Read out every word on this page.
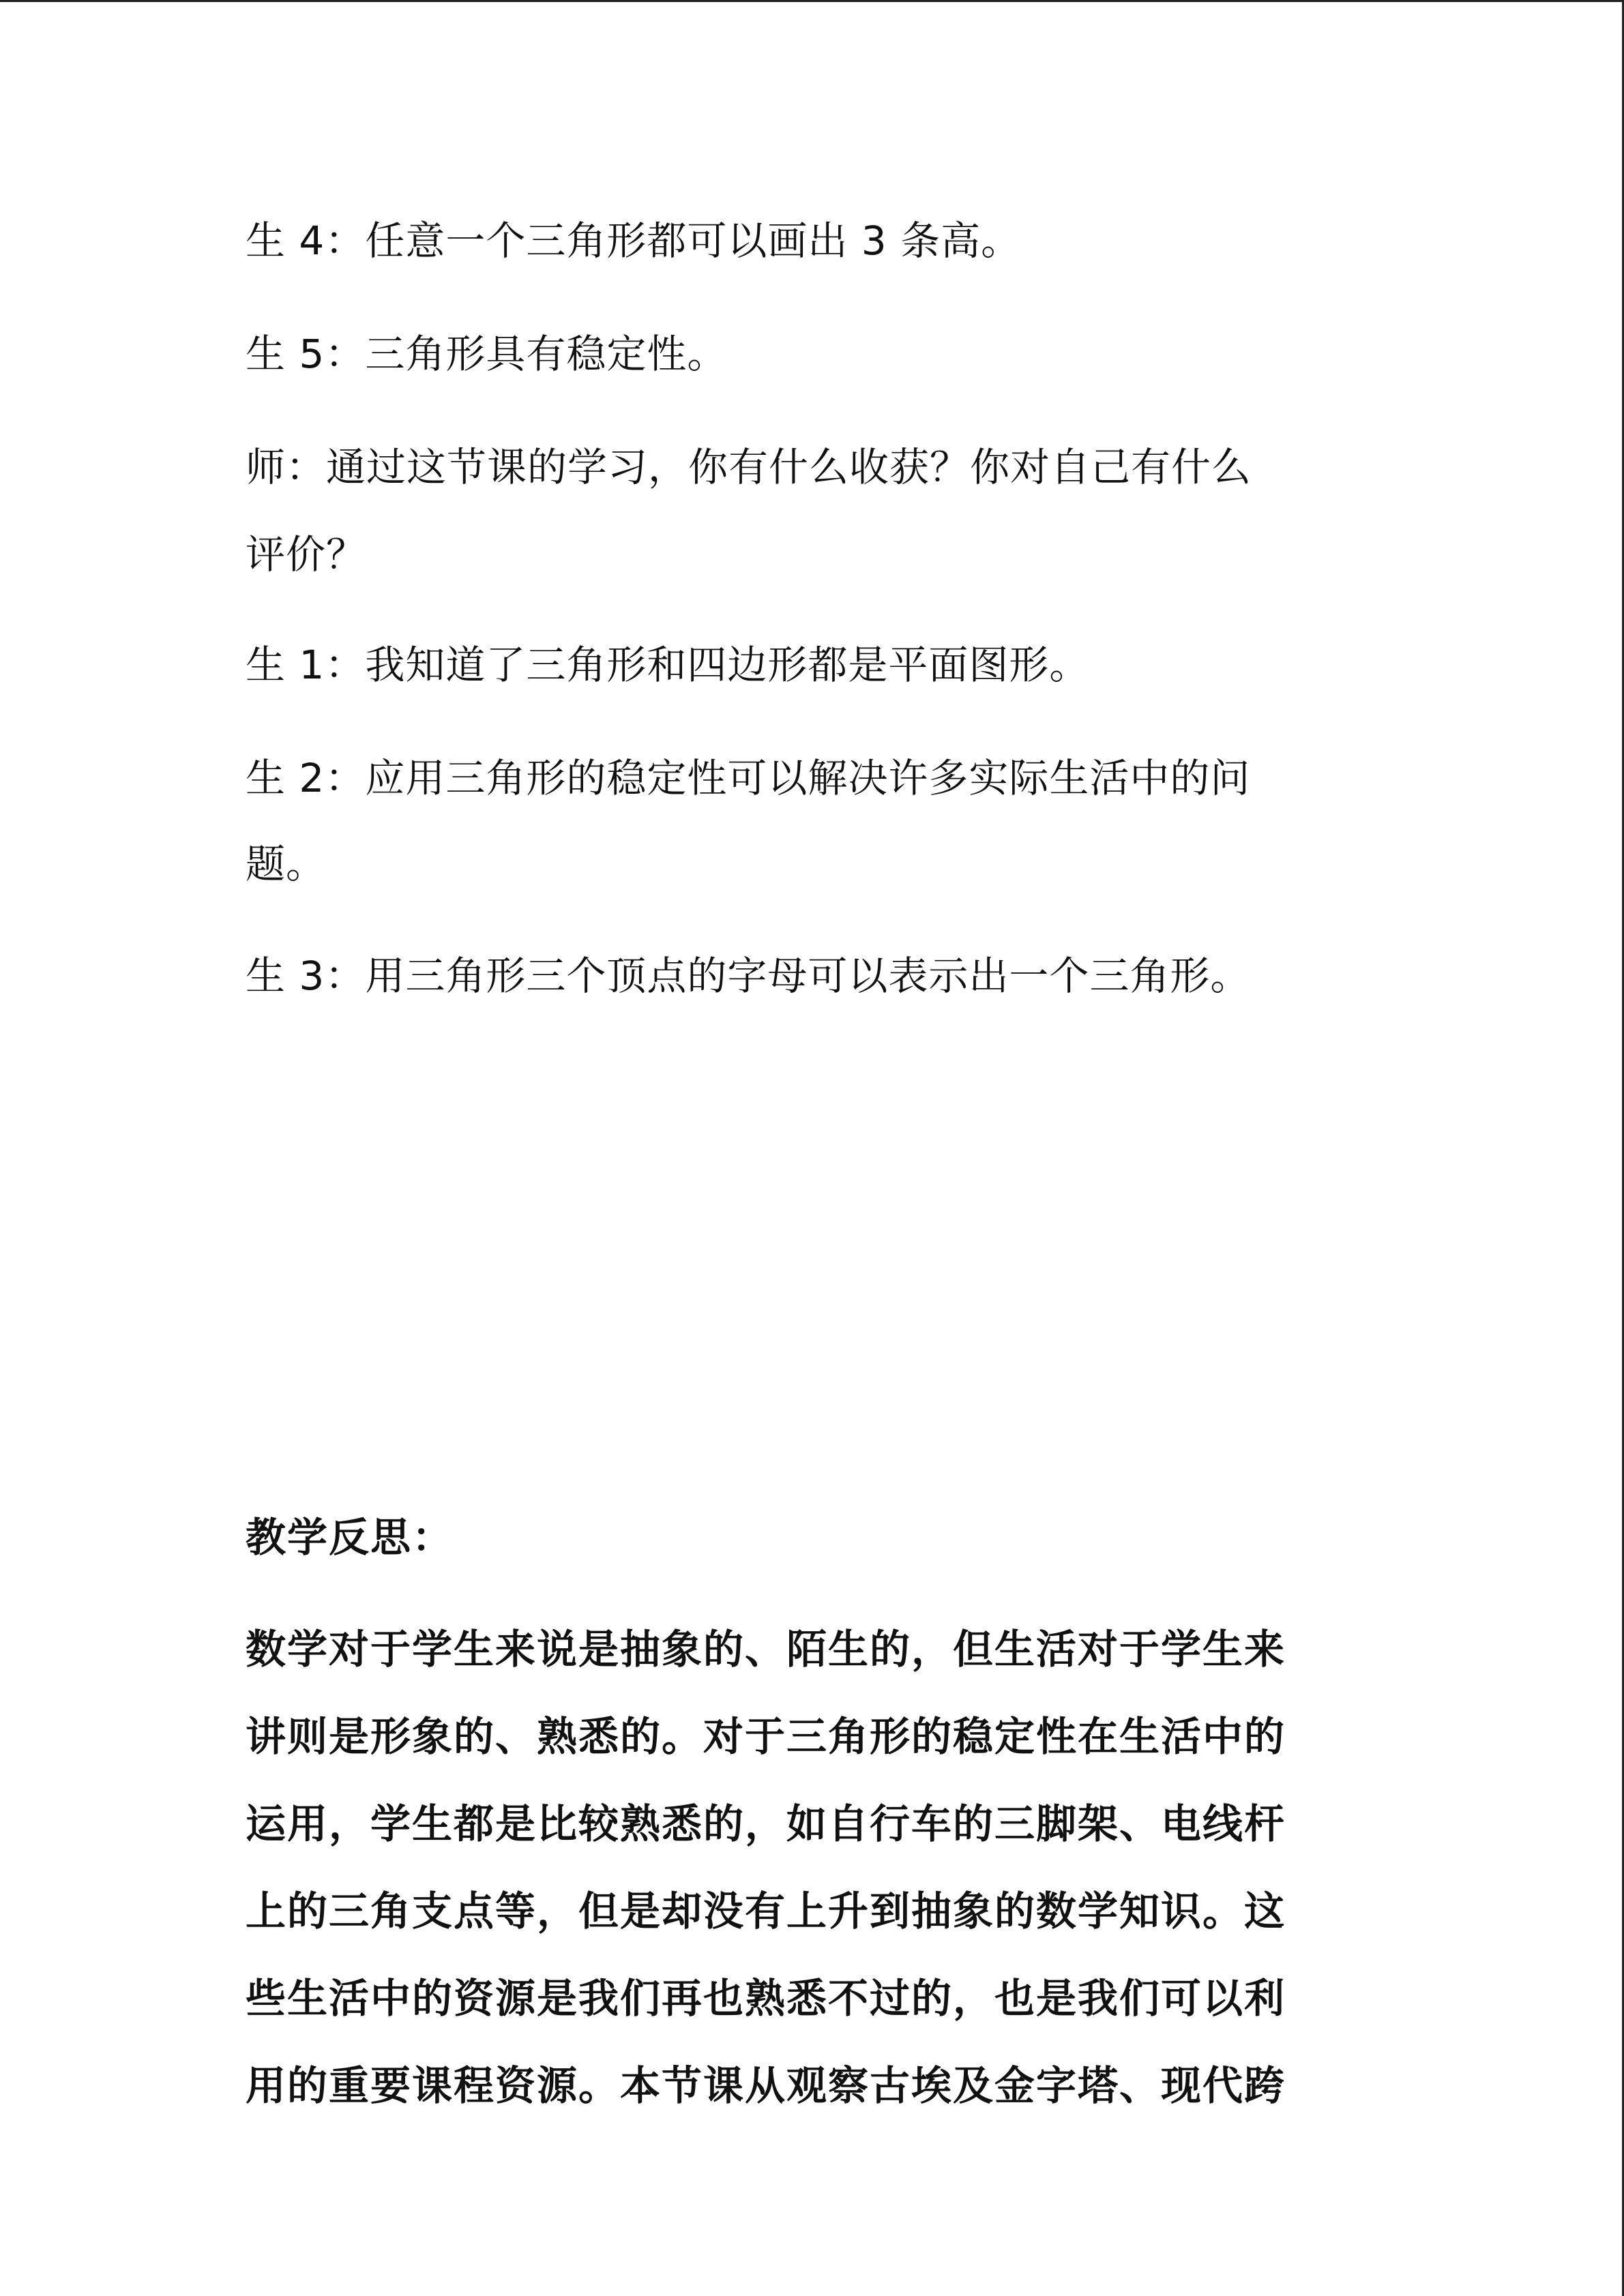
生 4：任意一个三角形都可以画出 3 条高。

生 5：三角形具有稳定性。

师：通过这节课的学习，你有什么收获？你对自己有什么

评价？

生 1：我知道了三角形和四边形都是平面图形。

生 2：应用三角形的稳定性可以解决许多实际生活中的问

题。

生 3：用三角形三个顶点的字母可以表示出一个三角形。

教学反思：

数学对于学生来说是抽象的、陌生的，但生活对于学生来

讲则是形象的、熟悉的。对于三角形的稳定性在生活中的

运用，学生都是比较熟悉的，如自行车的三脚架、电线杆

上的三角支点等，但是却没有上升到抽象的数学知识。这

些生活中的资源是我们再也熟悉不过的，也是我们可以利

用的重要课程资源。本节课从观察古埃及金字塔、现代跨
